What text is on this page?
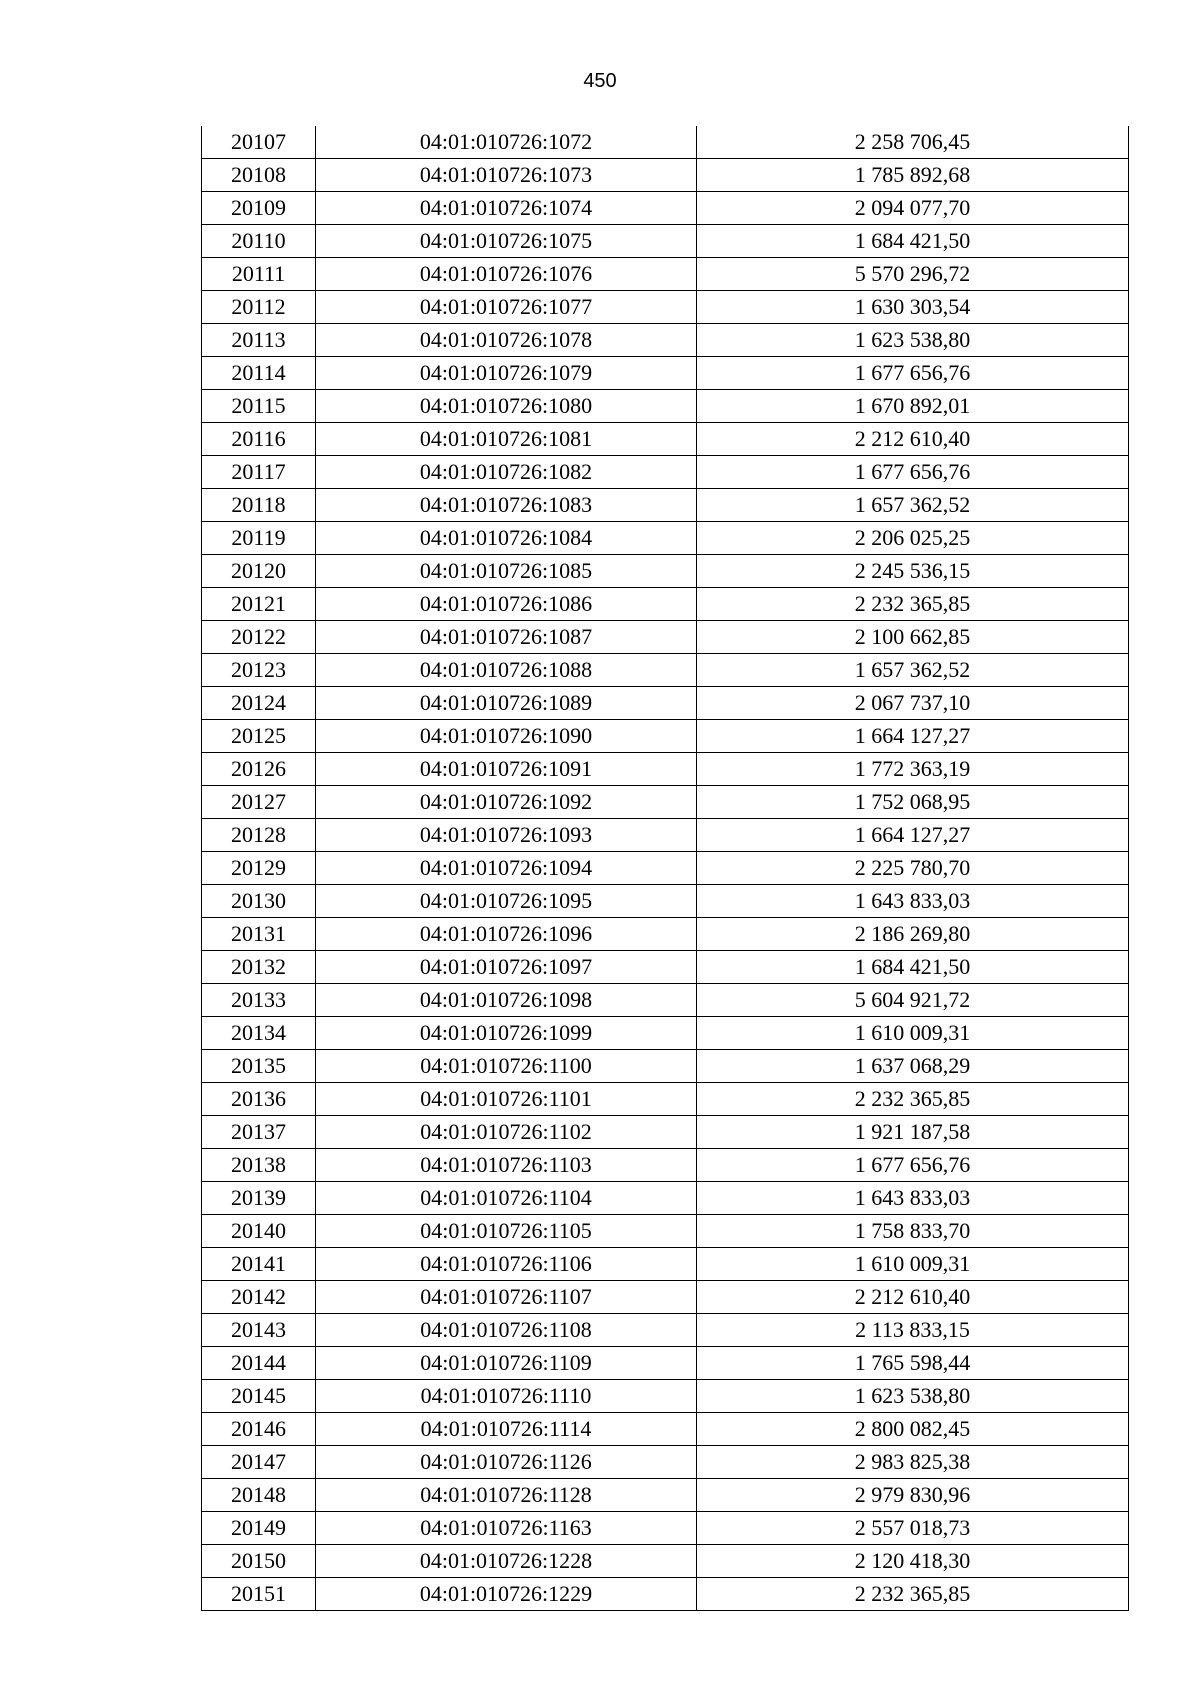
450
20107	04:01:010726:1072	2 258 706,45
20108	04:01:010726:1073	1 785 892,68
20109	04:01:010726:1074	2 094 077,70
20110	04:01:010726:1075	1 684 421,50
20111	04:01:010726:1076	5 570 296,72
20112	04:01:010726:1077	1 630 303,54
20113	04:01:010726:1078	1 623 538,80
20114	04:01:010726:1079	1 677 656,76
20115	04:01:010726:1080	1 670 892,01
20116	04:01:010726:1081	2 212 610,40
20117	04:01:010726:1082	1 677 656,76
20118	04:01:010726:1083	1 657 362,52
20119	04:01:010726:1084	2 206 025,25
20120	04:01:010726:1085	2 245 536,15
20121	04:01:010726:1086	2 232 365,85
20122	04:01:010726:1087	2 100 662,85
20123	04:01:010726:1088	1 657 362,52
20124	04:01:010726:1089	2 067 737,10
20125	04:01:010726:1090	1 664 127,27
20126	04:01:010726:1091	1 772 363,19
20127	04:01:010726:1092	1 752 068,95
20128	04:01:010726:1093	1 664 127,27
20129	04:01:010726:1094	2 225 780,70
20130	04:01:010726:1095	1 643 833,03
20131	04:01:010726:1096	2 186 269,80
20132	04:01:010726:1097	1 684 421,50
20133	04:01:010726:1098	5 604 921,72
20134	04:01:010726:1099	1 610 009,31
20135	04:01:010726:1100	1 637 068,29
20136	04:01:010726:1101	2 232 365,85
20137	04:01:010726:1102	1 921 187,58
20138	04:01:010726:1103	1 677 656,76
20139	04:01:010726:1104	1 643 833,03
20140	04:01:010726:1105	1 758 833,70
20141	04:01:010726:1106	1 610 009,31
20142	04:01:010726:1107	2 212 610,40
20143	04:01:010726:1108	2 113 833,15
20144	04:01:010726:1109	1 765 598,44
20145	04:01:010726:1110	1 623 538,80
20146	04:01:010726:1114	2 800 082,45
20147	04:01:010726:1126	2 983 825,38
20148	04:01:010726:1128	2 979 830,96
20149	04:01:010726:1163	2 557 018,73
20150	04:01:010726:1228	2 120 418,30
20151	04:01:010726:1229	2 232 365,85
